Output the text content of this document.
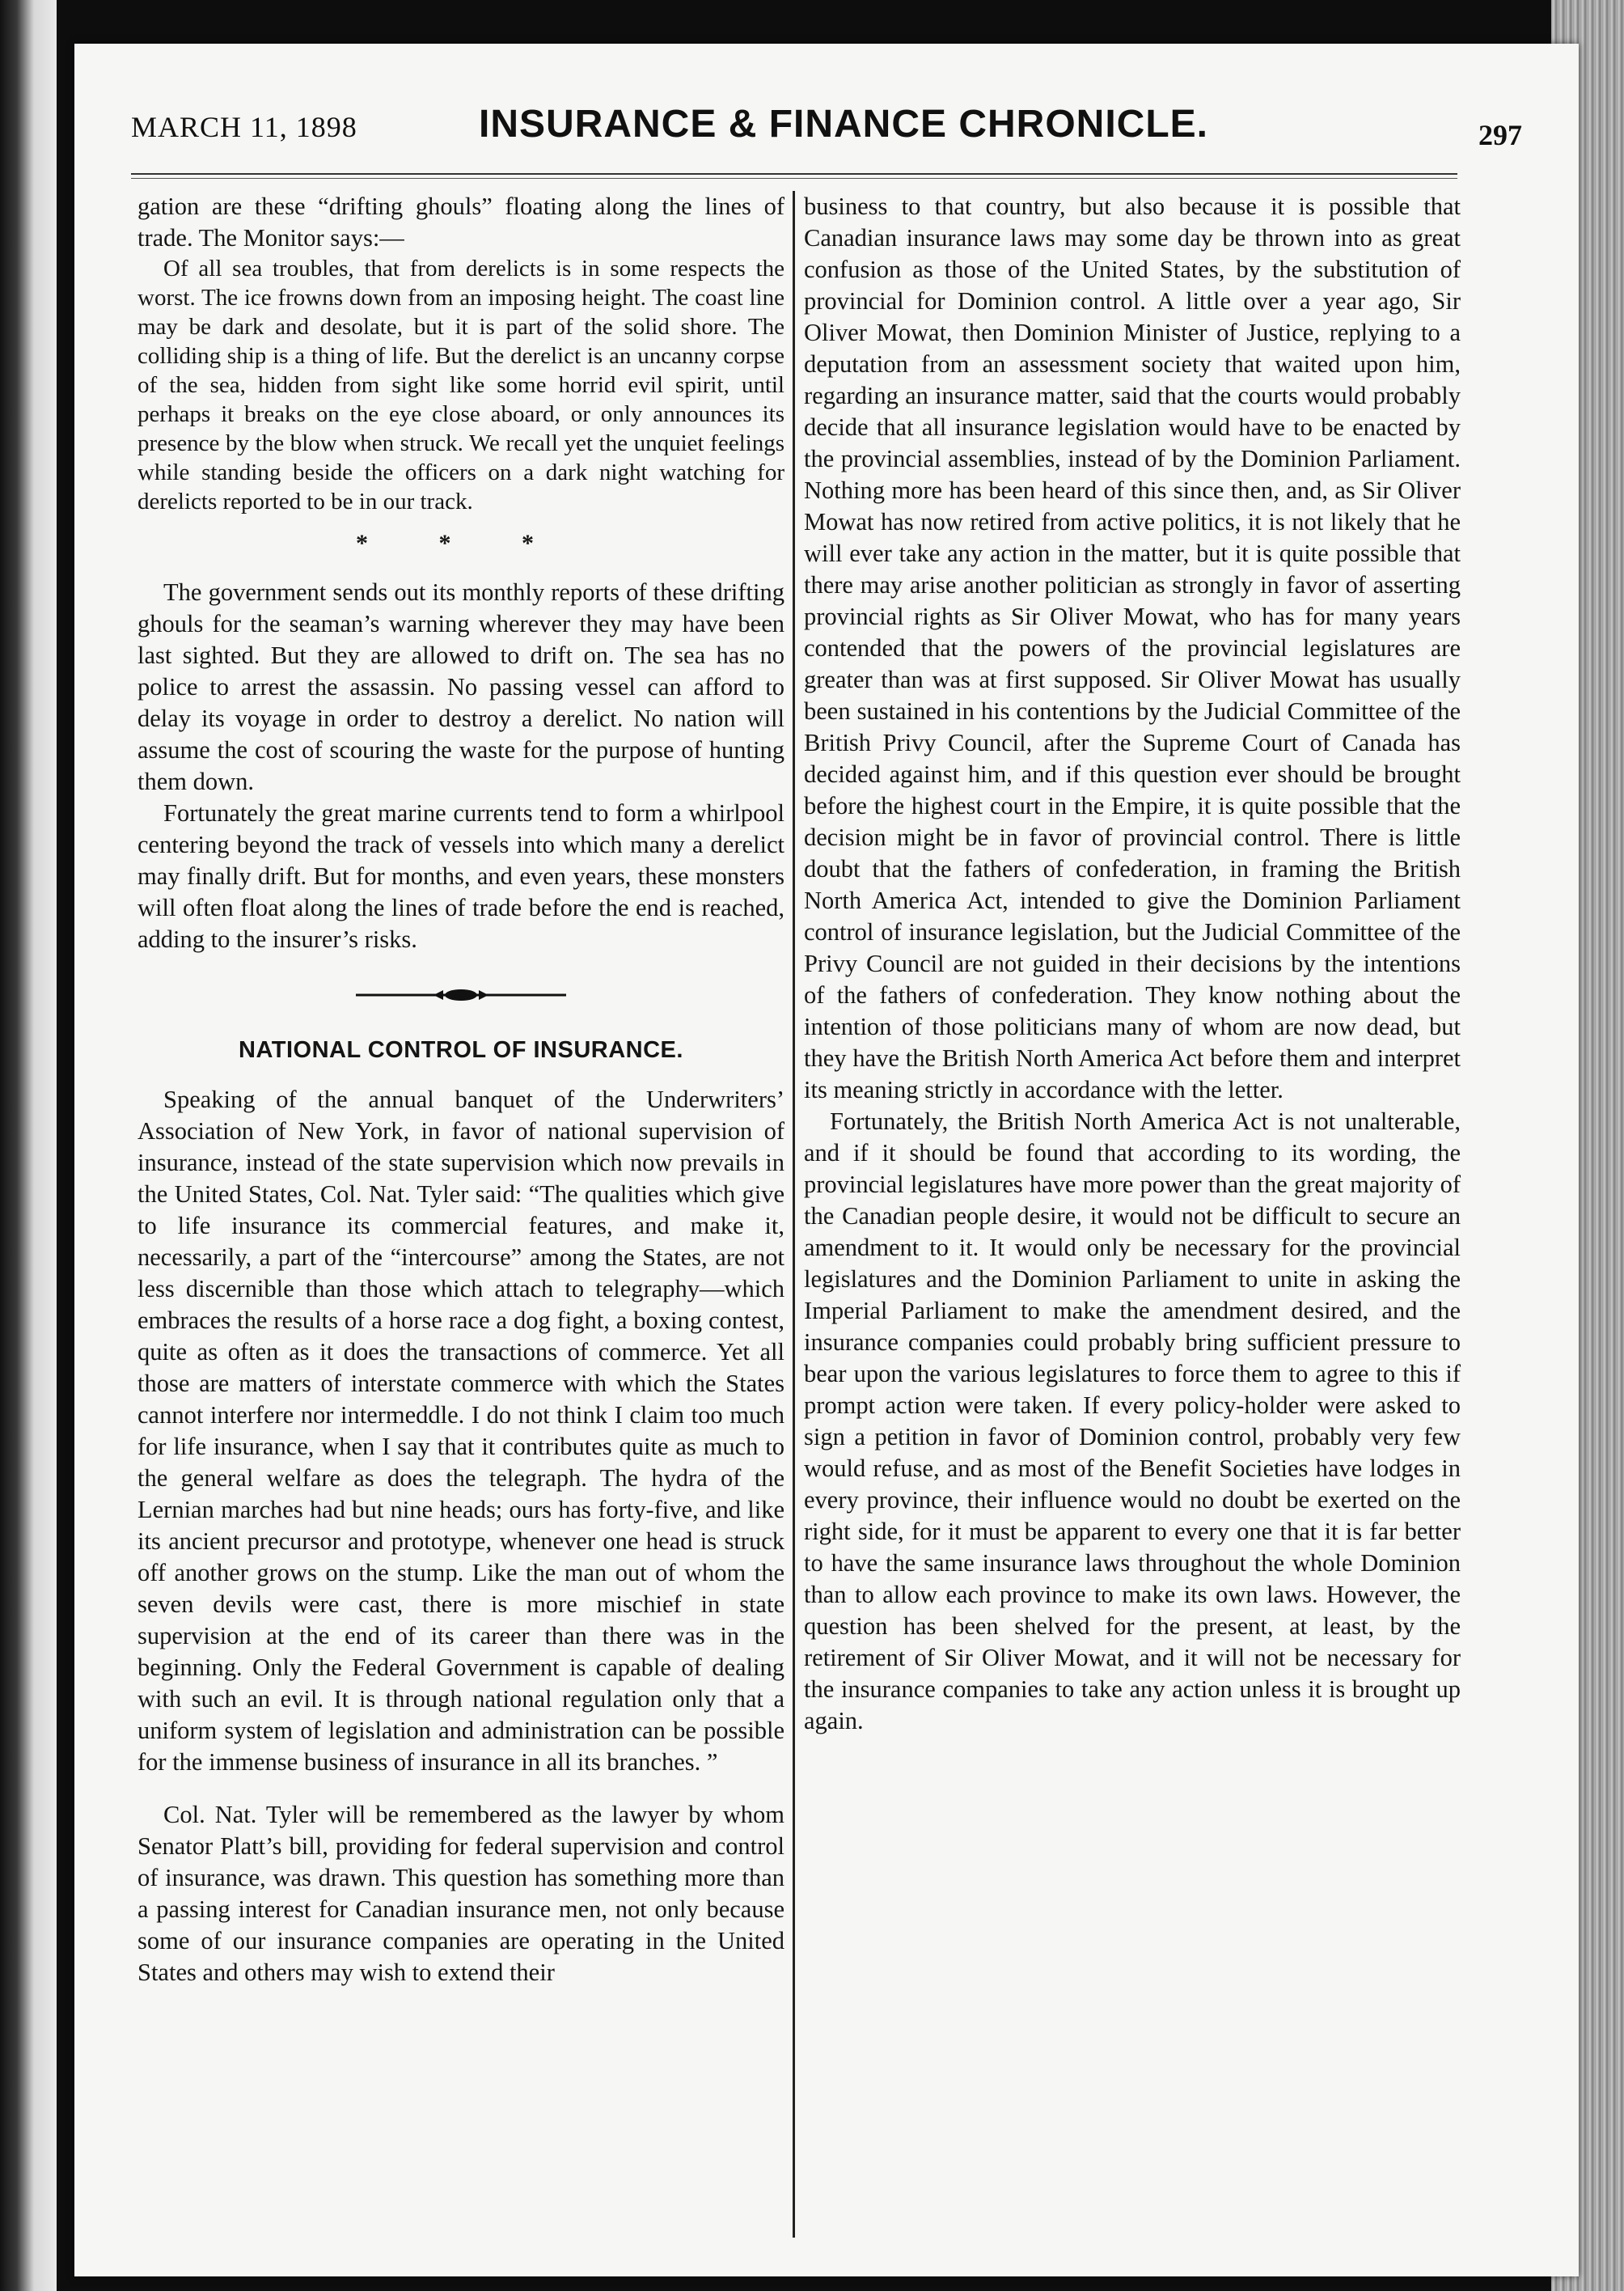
MARCH 11, 1898	INSURANCE & FINANCE CHRONICLE.	297

gation are these “drifting ghouls” floating along the lines of trade. The Monitor says:—

Of all sea troubles, that from derelicts is in some respects the worst. The ice frowns down from an imposing height. The coast line may be dark and desolate, but it is part of the solid shore. The colliding ship is a thing of life. But the derelict is an uncanny corpse of the sea, hidden from sight like some horrid evil spirit, until perhaps it breaks on the eye close aboard, or only announces its presence by the blow when struck. We recall yet the unquiet feelings while standing beside the officers on a dark night watching for derelicts reported to be in our track.

* * *

The government sends out its monthly reports of these drifting ghouls for the seaman’s warning wherever they may have been last sighted. But they are allowed to drift on. The sea has no police to arrest the assassin. No passing vessel can afford to delay its voyage in order to destroy a derelict. No nation will assume the cost of scouring the waste for the purpose of hunting them down.

Fortunately the great marine currents tend to form a whirlpool centering beyond the track of vessels into which many a derelict may finally drift. But for months, and even years, these monsters will often float along the lines of trade before the end is reached, adding to the insurer’s risks.

NATIONAL CONTROL OF INSURANCE.

Speaking of the annual banquet of the Underwriters’ Association of New York, in favor of national supervision of insurance, instead of the state supervision which now prevails in the United States, Col. Nat. Tyler said: “The qualities which give to life insurance its commercial features, and make it, necessarily, a part of the “intercourse” among the States, are not less discernible than those which attach to telegraphy—which embraces the results of a horse race a dog fight, a boxing contest, quite as often as it does the transactions of commerce. Yet all those are matters of interstate commerce with which the States cannot interfere nor intermeddle. I do not think I claim too much for life insurance, when I say that it contributes quite as much to the general welfare as does the telegraph. The hydra of the Lernian marches had but nine heads; ours has forty-five, and like its ancient precursor and prototype, whenever one head is struck off another grows on the stump. Like the man out of whom the seven devils were cast, there is more mischief in state supervision at the end of its career than there was in the beginning. Only the Federal Government is capable of dealing with such an evil. It is through national regulation only that a uniform system of legislation and administration can be possible for the immense business of insurance in all its branches. ”

Col. Nat. Tyler will be remembered as the lawyer by whom Senator Platt’s bill, providing for federal supervision and control of insurance, was drawn. This question has something more than a passing interest for Canadian insurance men, not only because some of our insurance companies are operating in the United States and others may wish to extend their

business to that country, but also because it is possible that Canadian insurance laws may some day be thrown into as great confusion as those of the United States, by the substitution of provincial for Dominion control. A little over a year ago, Sir Oliver Mowat, then Dominion Minister of Justice, replying to a deputation from an assessment society that waited upon him, regarding an insurance matter, said that the courts would probably decide that all insurance legislation would have to be enacted by the provincial assemblies, instead of by the Dominion Parliament. Nothing more has been heard of this since then, and, as Sir Oliver Mowat has now retired from active politics, it is not likely that he will ever take any action in the matter, but it is quite possible that there may arise another politician as strongly in favor of asserting provincial rights as Sir Oliver Mowat, who has for many years contended that the powers of the provincial legislatures are greater than was at first supposed. Sir Oliver Mowat has usually been sustained in his contentions by the Judicial Committee of the British Privy Council, after the Supreme Court of Canada has decided against him, and if this question ever should be brought before the highest court in the Empire, it is quite possible that the decision might be in favor of provincial control. There is little doubt that the fathers of confederation, in framing the British North America Act, intended to give the Dominion Parliament control of insurance legislation, but the Judicial Committee of the Privy Council are not guided in their decisions by the intentions of the fathers of confederation. They know nothing about the intention of those politicians many of whom are now dead, but they have the British North America Act before them and interpret its meaning strictly in accordance with the letter.

Fortunately, the British North America Act is not unalterable, and if it should be found that according to its wording, the provincial legislatures have more power than the great majority of the Canadian people desire, it would not be difficult to secure an amendment to it. It would only be necessary for the provincial legislatures and the Dominion Parliament to unite in asking the Imperial Parliament to make the amendment desired, and the insurance companies could probably bring sufficient pressure to bear upon the various legislatures to force them to agree to this if prompt action were taken. If every policy-holder were asked to sign a petition in favor of Dominion control, probably very few would refuse, and as most of the Benefit Societies have lodges in every province, their influence would no doubt be exerted on the right side, for it must be apparent to every one that it is far better to have the same insurance laws throughout the whole Dominion than to allow each province to make its own laws. However, the question has been shelved for the present, at least, by the retirement of Sir Oliver Mowat, and it will not be necessary for the insurance companies to take any action unless it is brought up again.
